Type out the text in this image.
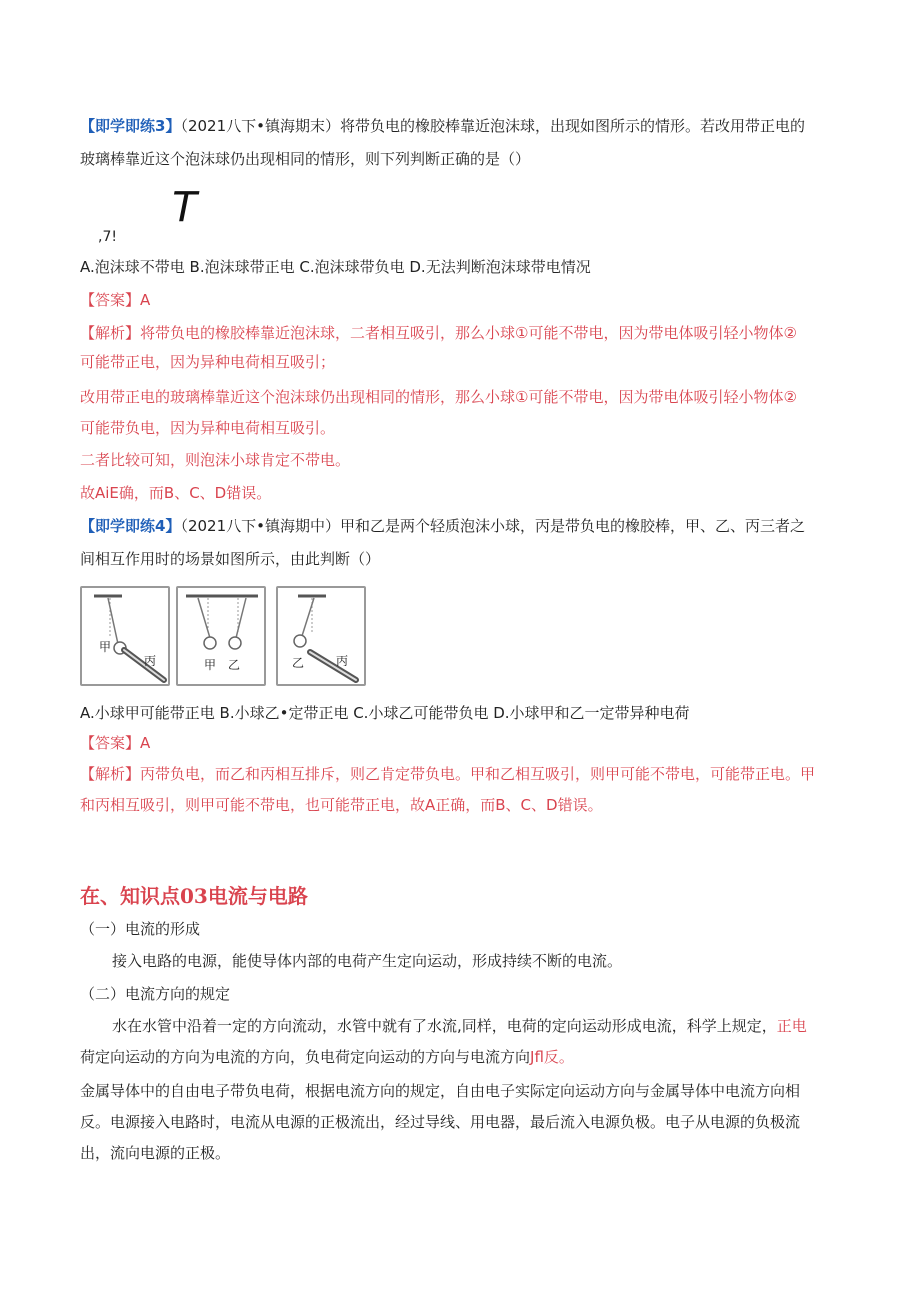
【即学即练3】（2021八下•镇海期末）将带负电的橡胶棒靠近泡沫球，出现如图所示的情形。若改用带正电的
玻璃棒靠近这个泡沫球仍出现相同的情形，则下列判断正确的是（）
T
,7!
A.泡沫球不带电 B.泡沫球带正电 C.泡沫球带负电 D.无法判断泡沫球带电情况
【答案】A
【解析】将带负电的橡胶棒靠近泡沫球，二者相互吸引，那么小球①可能不带电，因为带电体吸引轻小物体②
可能带正电，因为异种电荷相互吸引；
改用带正电的玻璃棒靠近这个泡沫球仍出现相同的情形，那么小球①可能不带电，因为带电体吸引轻小物体②
可能带负电，因为异种电荷相互吸引。
二者比较可知，则泡沫小球肯定不带电。
故AiE确，而B、C、D错误。
【即学即练4】（2021八下•镇海期中）甲和乙是两个轻质泡沫小球，丙是带负电的橡胶棒，甲、乙、丙三者之
间相互作用时的场景如图所示，由此判断（）
甲
丙	甲 乙	乙	丙
A.小球甲可能带正电 B.小球乙•定带正电 C.小球乙可能带负电 D.小球甲和乙一定带异种电荷
【答案】A
【解析】丙带负电，而乙和丙相互排斥，则乙肯定带负电。甲和乙相互吸引，则甲可能不带电，可能带正电。甲
和丙相互吸引，则甲可能不带电，也可能带正电，故A正确，而B、C、D错误。
在、知识点03电流与电路
（一）电流的形成
接入电路的电源，能使导体内部的电荷产生定向运动，形成持续不断的电流。
（二）电流方向的规定
水在水管中沿着一定的方向流动，水管中就有了水流,同样，电荷的定向运动形成电流，科学上规定，正电
荷定向运动的方向为电流的方向，负电荷定向运动的方向与电流方向Jfl反。
金属导体中的自由电子带负电荷，根据电流方向的规定，自由电子实际定向运动方向与金属导体中电流方向相
反。电源接入电路时，电流从电源的正极流出，经过导线、用电器，最后流入电源负极。电子从电源的负极流
出，流向电源的正极。
